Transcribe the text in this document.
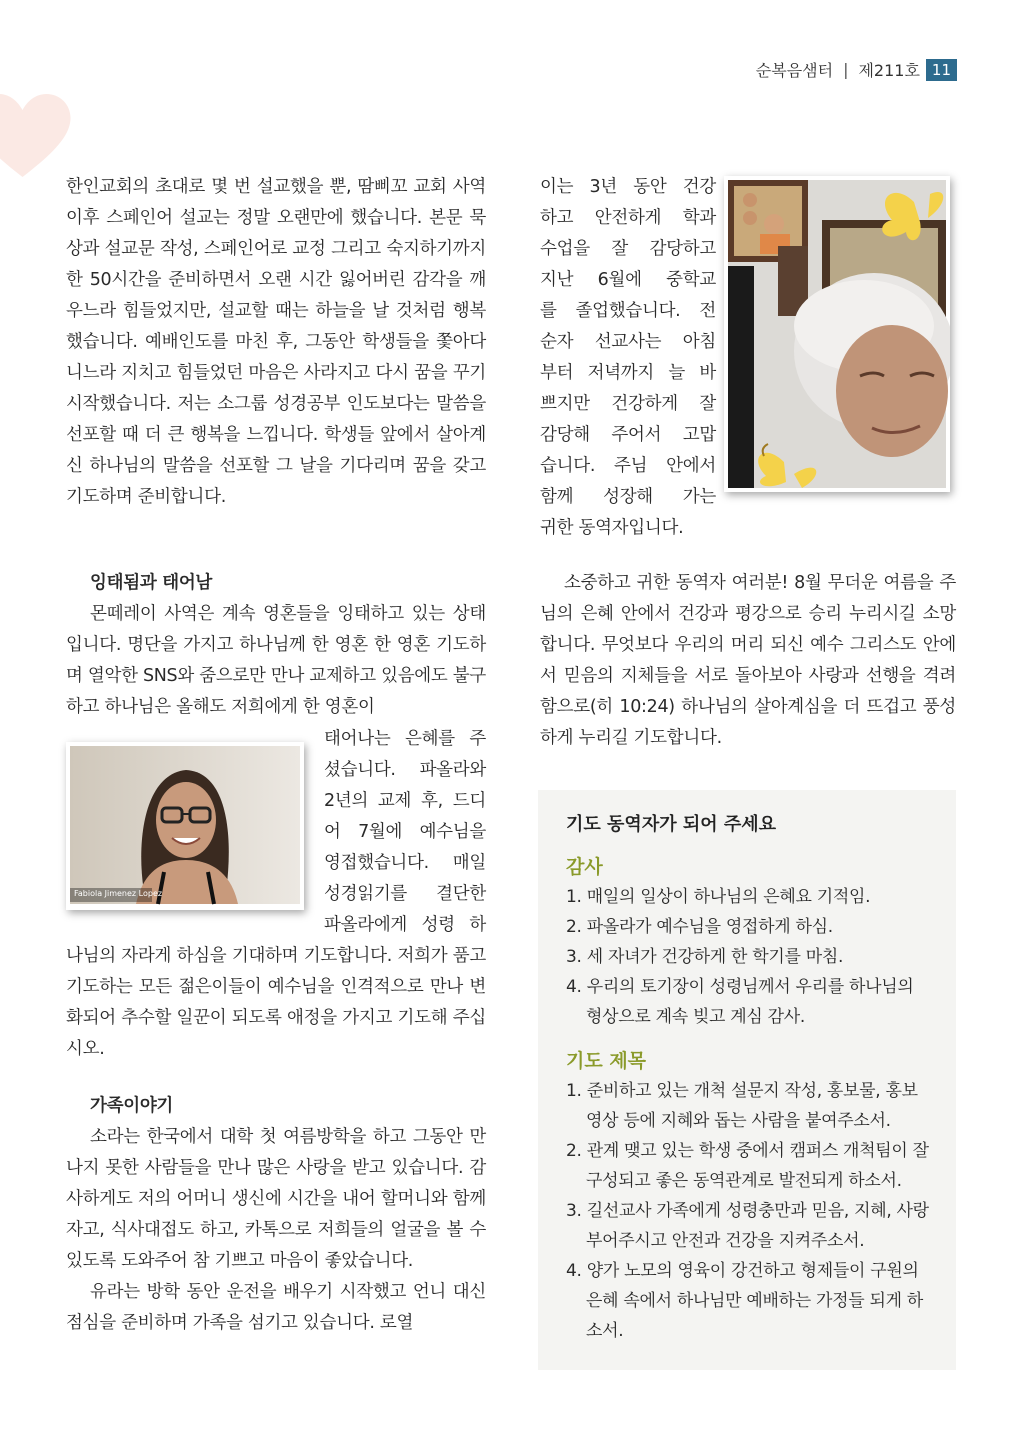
순복음샘터 | 제211호 11

한인교회의 초대로 몇 번 설교했을 뿐, 땀삐꼬 교회 사역 이후 스페인어 설교는 정말 오랜만에 했습니다. 본문 묵상과 설교문 작성, 스페인어로 교정 그리고 숙지하기까지 한 50시간을 준비하면서 오랜 시간 잃어버린 감각을 깨우느라 힘들었지만, 설교할 때는 하늘을 날 것처럼 행복했습니다. 예배인도를 마친 후, 그동안 학생들을 쫓아다니느라 지치고 힘들었던 마음은 사라지고 다시 꿈을 꾸기 시작했습니다. 저는 소그룹 성경공부 인도보다는 말씀을 선포할 때 더 큰 행복을 느낍니다. 학생들 앞에서 살아계신 하나님의 말씀을 선포할 그 날을 기다리며 꿈을 갖고 기도하며 준비합니다.

잉태됨과 태어남

몬떼레이 사역은 계속 영혼들을 잉태하고 있는 상태입니다. 명단을 가지고 하나님께 한 영혼 한 영혼 기도하며 열악한 SNS와 줌으로만 만나 교제하고 있음에도 불구하고 하나님은 올해도 저희에게 한 영혼이

Fabiola Jimenez Lopez
태어나는 은혜를 주
셨습니다. 파올라와
2년의 교제 후, 드디
어 7월에 예수님을
영접했습니다. 매일
성경읽기를 결단한
파올라에게 성령 하

나님의 자라게 하심을 기대하며 기도합니다. 저희가 품고 기도하는 모든 젊은이들이 예수님을 인격적으로 만나 변화되어 추수할 일꾼이 되도록 애정을 가지고 기도해 주십시오.

가족이야기

소라는 한국에서 대학 첫 여름방학을 하고 그동안 만나지 못한 사람들을 만나 많은 사랑을 받고 있습니다. 감사하게도 저의 어머니 생신에 시간을 내어 할머니와 함께 자고, 식사대접도 하고, 카톡으로 저희들의 얼굴을 볼 수 있도록 도와주어 참 기쁘고 마음이 좋았습니다.

유라는 방학 동안 운전을 배우기 시작했고 언니 대신 점심을 준비하며 가족을 섬기고 있습니다. 로열

이는 3년 동안 건강
하고 안전하게 학과
수업을 잘 감당하고
지난 6월에 중학교
를 졸업했습니다. 전
순자 선교사는 아침
부터 저녁까지 늘 바
쁘지만 건강하게 잘
감당해 주어서 고맙
습니다. 주님 안에서
함께 성장해 가는
귀한 동역자입니다.

소중하고 귀한 동역자 여러분! 8월 무더운 여름을 주님의 은혜 안에서 건강과 평강으로 승리 누리시길 소망합니다. 무엇보다 우리의 머리 되신 예수 그리스도 안에서 믿음의 지체들을 서로 돌아보아 사랑과 선행을 격려함으로(히 10:24) 하나님의 살아계심을 더 뜨겁고 풍성하게 누리길 기도합니다.

기도 동역자가 되어 주세요
감사
1. 매일의 일상이 하나님의 은혜요 기적임.
2. 파올라가 예수님을 영접하게 하심.
3. 세 자녀가 건강하게 한 학기를 마침.
4. 우리의 토기장이 성령님께서 우리를 하나님의 형상으로 계속 빚고 계심 감사.
기도 제목
1. 준비하고 있는 개척 설문지 작성, 홍보물, 홍보영상 등에 지혜와 돕는 사람을 붙여주소서.
2. 관계 맺고 있는 학생 중에서 캠퍼스 개척팀이 잘 구성되고 좋은 동역관계로 발전되게 하소서.
3. 길선교사 가족에게 성령충만과 믿음, 지혜, 사랑 부어주시고 안전과 건강을 지켜주소서.
4. 양가 노모의 영육이 강건하고 형제들이 구원의 은혜 속에서 하나님만 예배하는 가정들 되게 하소서.
